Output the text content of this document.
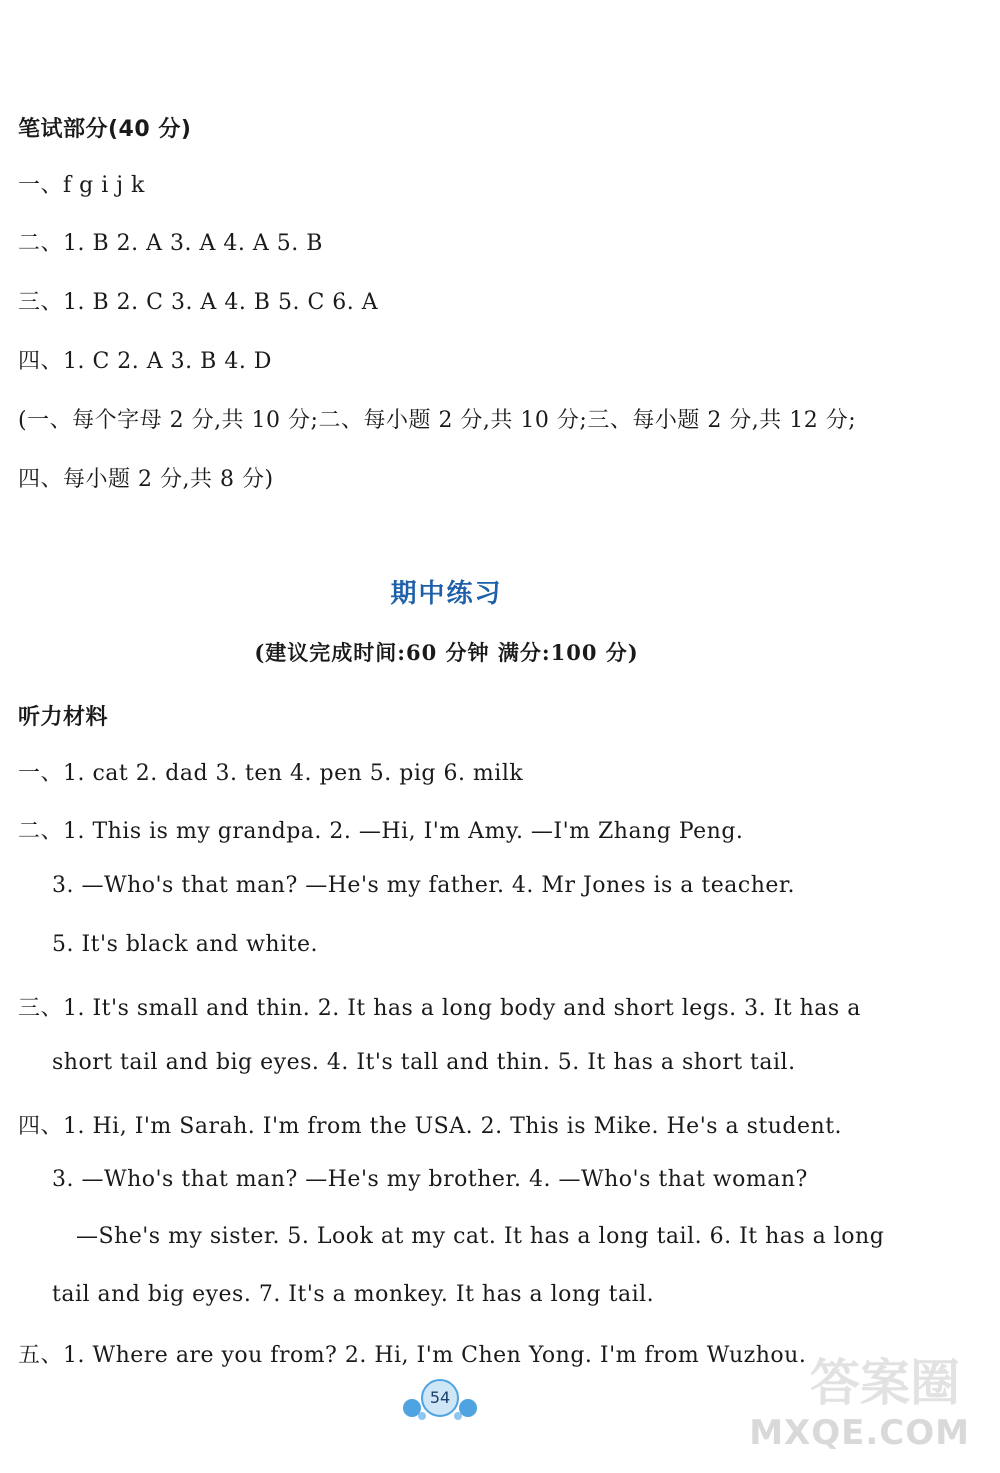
笔试部分(40 分)
一、f g i j k
二、1. B 2. A 3. A 4. A 5. B
三、1. B 2. C 3. A 4. B 5. C 6. A
四、1. C 2. A 3. B 4. D
(一、每个字母 2 分,共 10 分;二、每小题 2 分,共 10 分;三、每小题 2 分,共 12 分;
四、每小题 2 分,共 8 分)
期中练习
(建议完成时间:60 分钟 满分:100 分)
听力材料
一、1. cat 2. dad 3. ten 4. pen 5. pig 6. milk
二、1. This is my grandpa. 2. —Hi, I'm Amy. —I'm Zhang Peng.
3. —Who's that man? —He's my father. 4. Mr Jones is a teacher.
5. It's black and white.
三、1. It's small and thin. 2. It has a long body and short legs. 3. It has a
short tail and big eyes. 4. It's tall and thin. 5. It has a short tail.
四、1. Hi, I'm Sarah. I'm from the USA. 2. This is Mike. He's a student.
3. —Who's that man? —He's my brother. 4. —Who's that woman?
—She's my sister. 5. Look at my cat. It has a long tail. 6. It has a long
tail and big eyes. 7. It's a monkey. It has a long tail.
五、1. Where are you from? 2. Hi, I'm Chen Yong. I'm from Wuzhou.
54	答案圈
MXQE.COM
